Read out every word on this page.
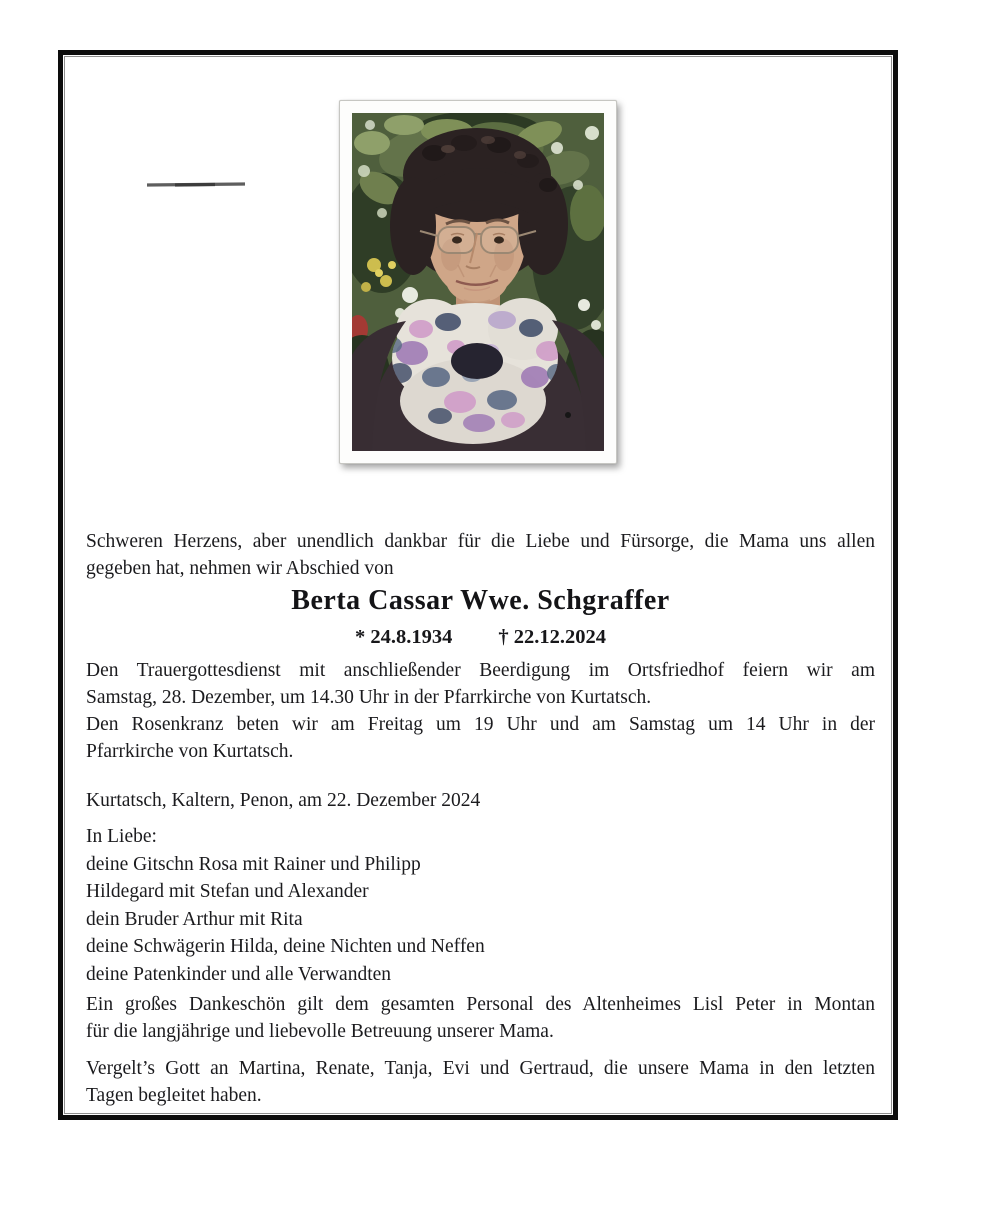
Schweren Herzens, aber unendlich dankbar für die Liebe und Fürsorge, die Mama uns allen
gegeben hat, nehmen wir Abschied von
Berta Cassar Wwe. Schgraffer
* 24.8.1934 † 22.12.2024
Den Trauergottesdienst mit anschließender Beerdigung im Ortsfriedhof feiern wir am
Samstag, 28. Dezember, um 14.30 Uhr in der Pfarrkirche von Kurtatsch.
Den Rosenkranz beten wir am Freitag um 19 Uhr und am Samstag um 14 Uhr in der
Pfarrkirche von Kurtatsch.
Kurtatsch, Kaltern, Penon, am 22. Dezember 2024
In Liebe:
deine Gitschn Rosa mit Rainer und Philipp
Hildegard mit Stefan und Alexander
dein Bruder Arthur mit Rita
deine Schwägerin Hilda, deine Nichten und Neffen
deine Patenkinder und alle Verwandten
Ein großes Dankeschön gilt dem gesamten Personal des Altenheimes Lisl Peter in Montan
für die langjährige und liebevolle Betreuung unserer Mama.
Vergelt’s Gott an Martina, Renate, Tanja, Evi und Gertraud, die unsere Mama in den letzten
Tagen begleitet haben.
